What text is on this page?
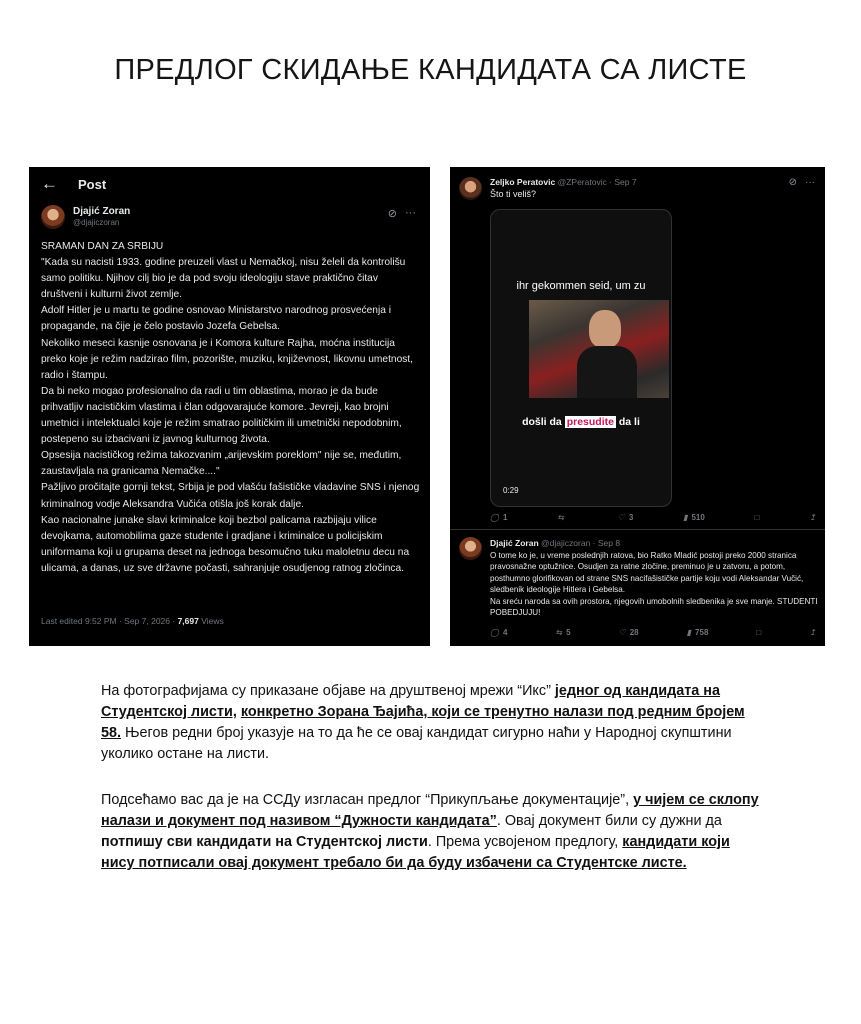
ПРЕДЛОГ СКИДАЊЕ КАНДИДАТА СА ЛИСТЕ
← Post
Djajić Zoran
@djajiczoran
⊘ ···
SRAMAN DAN ZA SRBIJU
"Kada su nacisti 1933. godine preuzeli vlast u Nemačkoj, nisu želeli da kontrolišu samo politiku. Njihov cilj bio je da pod svoju ideologiju stave praktično čitav društveni i kulturni život zemlje.
Adolf Hitler je u martu te godine osnovao Ministarstvo narodnog prosvećenja i propagande, na čije je čelo postavio Jozefa Gebelsa.
Nekoliko meseci kasnije osnovana je i Komora kulture Rajha, moćna institucija preko koje je režim nadzirao film, pozorište, muziku, književnost, likovnu umetnost, radio i štampu.
Da bi neko mogao profesionalno da radi u tim oblastima, morao je da bude prihvatljiv nacističkim vlastima i član odgovarajuće komore. Jevreji, kao brojni umetnici i intelektualci koje je režim smatrao političkim ili umetnički nepodobnim, postepeno su izbacivani iz javnog kulturnog života.
Opsesija nacističkog režima takozvanim „arijevskim poreklom" nije se, međutim, zaustavljala na granicama Nemačke...."
Pažljivo pročitajte gornji tekst, Srbija je pod vlašću fašističke vladavine SNS i njenog kriminalnog vodje Aleksandra Vučića otišla još korak dalje.
Kao nacionalne junake slavi kriminalce koji bezbol palicama razbijaju vilice devojkama, automobilima gaze studente i gradjane i kriminalce u policijskim uniformama koji u grupama deset na jednoga besomučno tuku maloletnu decu na ulicama, a danas, uz sve državne počasti, sahranjuje osudjenog ratnog zločinca.
Last edited 9:52 PM · Sep 7, 2026 · 7,697 Views
Zeljko Peratovic @ZPeratovic · Sep 7
Što ti veliš?
⊘ ···
ihr gekommen seid, um zu
došli da presudite da li
0:29
◯ 1	⇆	♡ 3	▮ 510	□	↥
Djajić Zoran @djajiczoran · Sep 8
O tome ko je, u vreme poslednjih ratova, bio Ratko Mladić postoji preko 2000 stranica pravosnažne optužnice. Osudjen za ratne zločine, preminuo je u zatvoru, a potom, posthumno glorifikovan od strane SNS nacifašističke partije koju vodi Aleksandar Vučić, sledbenik ideologije Hitlera i Gebelsa.
Na sreću naroda sa ovih prostora, njegovih umobolnih sledbenika je sve manje. STUDENTI POBEDJUJU!
◯ 4	⇆ 5	♡ 28	▮ 758	□	↥
На фотографијама су приказане објаве на друштвеној мрежи “Икс” једног од кандидата на Студентској листи, конкретно Зорана Ђајића, који се тренутно налази под редним бројем 58. Његов редни број указује на то да ће се овај кандидат сигурно наћи у Народној скупштини уколико остане на листи.
Подсећамо вас да је на ССДу изгласан предлог “Прикупљање документације”, у чијем се склопу налази и документ под називом “Дужности кандидата”. Овај документ били су дужни да потпишу сви кандидати на Студентској листи. Према усвојеном предлогу, кандидати који нису потписали овај документ требало би да буду избачени са Студентске листе.
